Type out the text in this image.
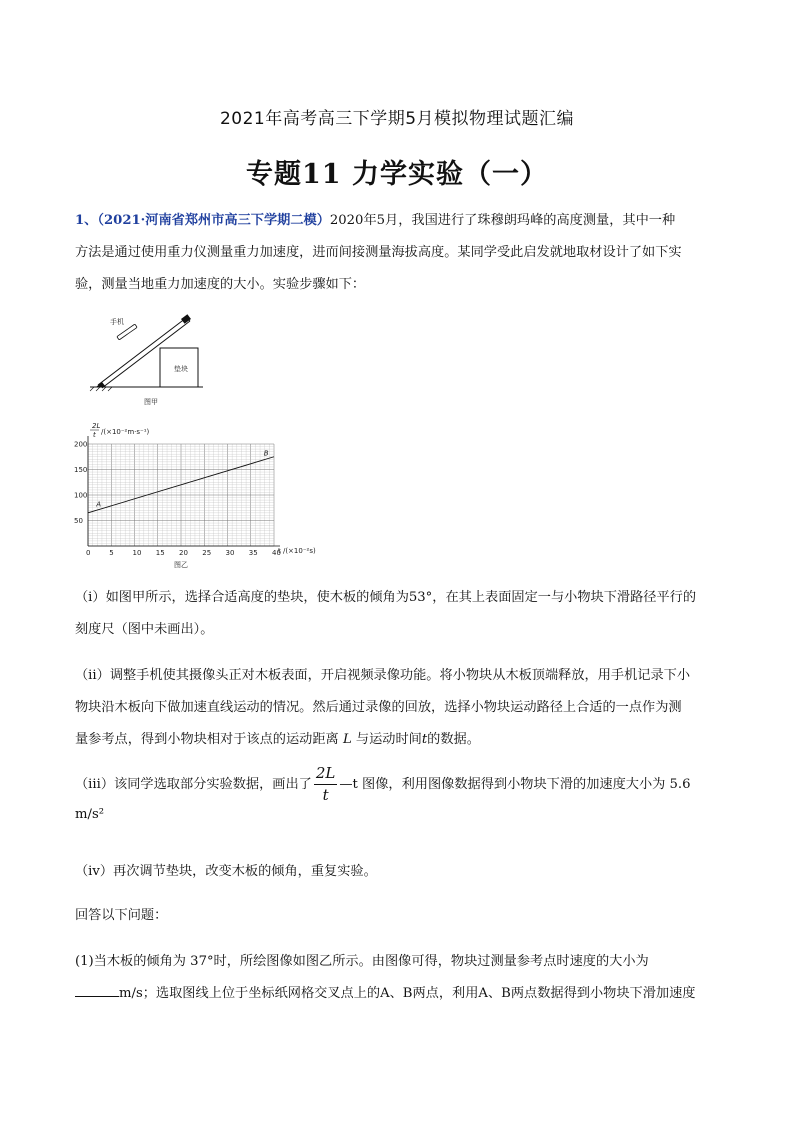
2021年高考高三下学期5月模拟物理试题汇编
专题11 力学实验（一）
1、（2021·河南省郑州市高三下学期二模）2020年5月，我国进行了珠穆朗玛峰的高度测量，其中一种
方法是通过使用重力仪测量重力加速度，进而间接测量海拔高度。某同学受此启发就地取材设计了如下实
验，测量当地重力加速度的大小。实验步骤如下：
垫块
手机
图甲
0	5	10 15 20 25 30 35 40
50
100
150
200
A
B
2L
t /(×10⁻²m·s⁻¹)
t /(×10⁻²s)
图乙
（i）如图甲所示，选择合适高度的垫块，使木板的倾角为53°，在其上表面固定一与小物块下滑路径平行的
刻度尺（图中未画出）。
（ii）调整手机使其摄像头正对木板表面，开启视频录像功能。将小物块从木板顶端释放，用手机记录下小
物块沿木板向下做加速直线运动的情况。然后通过录像的回放，选择小物块运动路径上合适的一点作为测
量参考点，得到小物块相对于该点的运动距离 L 与运动时间t的数据。
（iii）该同学选取部分实验数据，画出了 $\frac{2L}{t}$ —t 图像，利用图像数据得到小物块下滑的加速度大小为 5.6
m/s²
（iv）再次调节垫块，改变木板的倾角，重复实验。
回答以下问题：
(1)当木板的倾角为 37°时，所绘图像如图乙所示。由图像可得，物块过测量参考点时速度的大小为
m/s；选取图线上位于坐标纸网格交叉点上的A、B两点，利用A、B两点数据得到小物块下滑加速度
